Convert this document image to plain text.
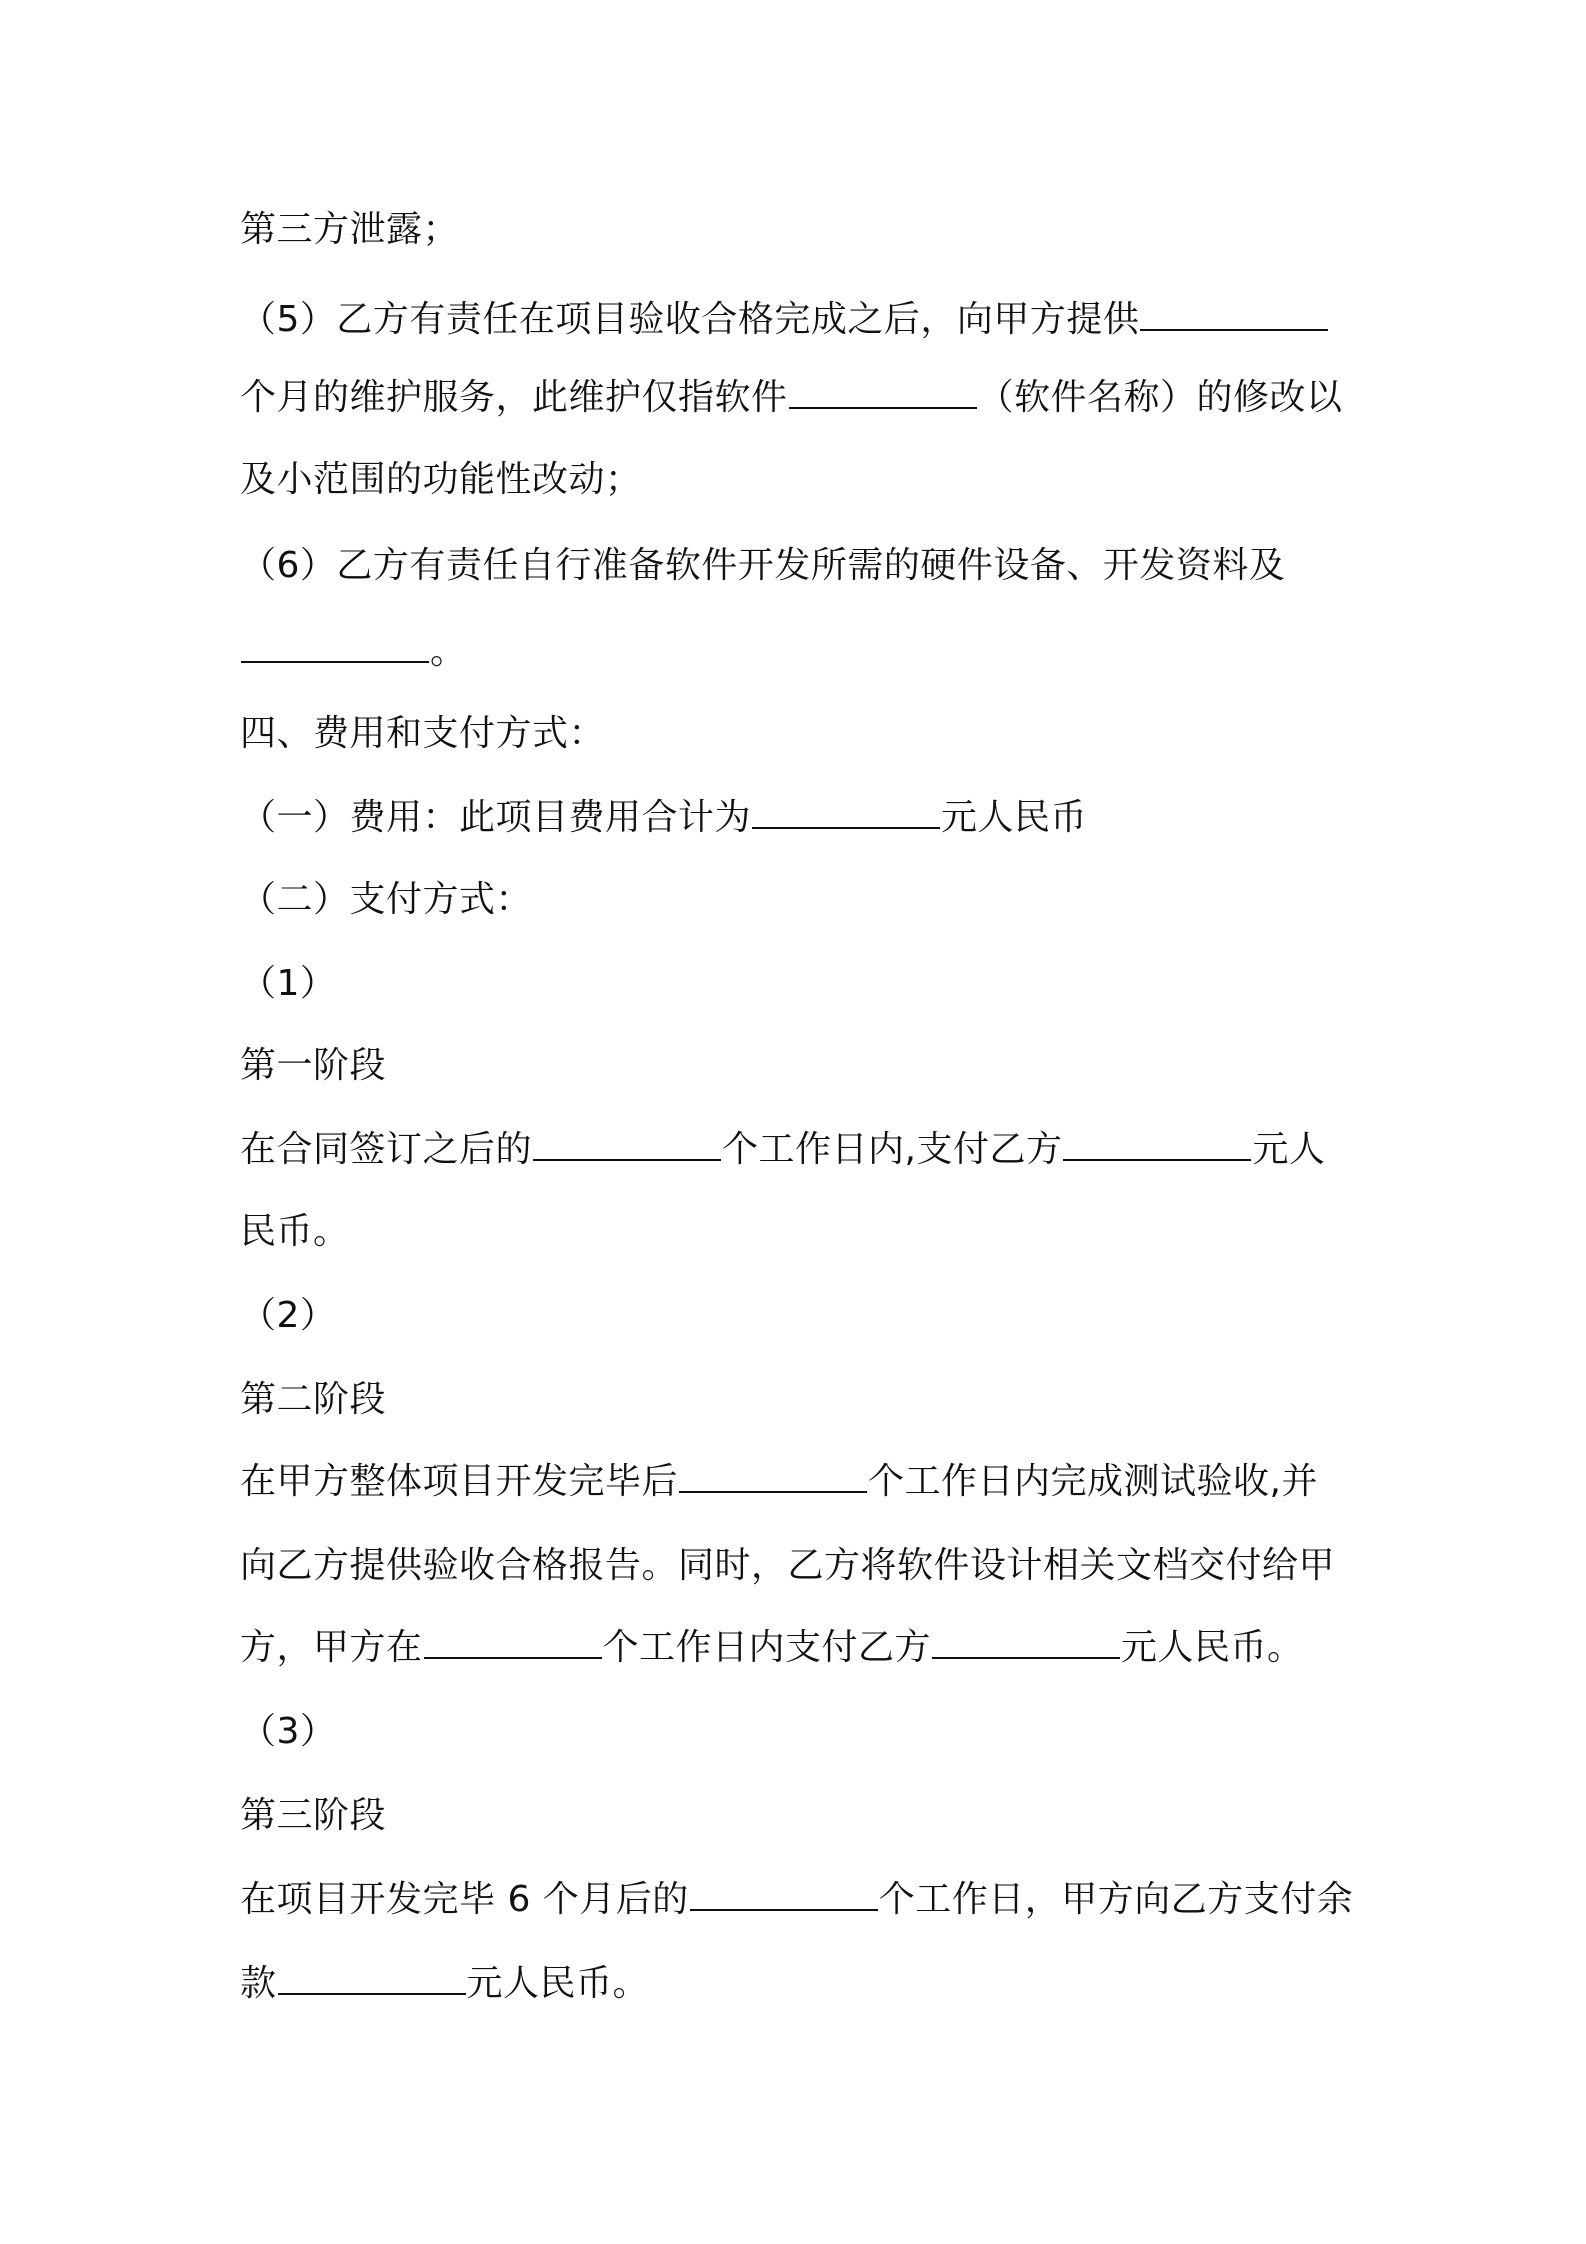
第三方泄露；
（5）乙方有责任在项目验收合格完成之后，向甲方提供
个月的维护服务，此维护仅指软件	（软件名称）的修改以
及小范围的功能性改动；
（6）乙方有责任自行准备软件开发所需的硬件设备、开发资料及
。
四、费用和支付方式：
（一）费用：此项目费用合计为	元人民币
（二）支付方式：
（1）
第一阶段
在合同签订之后的	个工作日内,支付乙方	元人
民币。
（2）
第二阶段
在甲方整体项目开发完毕后	个工作日内完成测试验收,并
向乙方提供验收合格报告。同时，乙方将软件设计相关文档交付给甲
方，甲方在	个工作日内支付乙方	元人民币。
（3）
第三阶段
在项目开发完毕 6 个月后的	个工作日，甲方向乙方支付余
款	元人民币。
